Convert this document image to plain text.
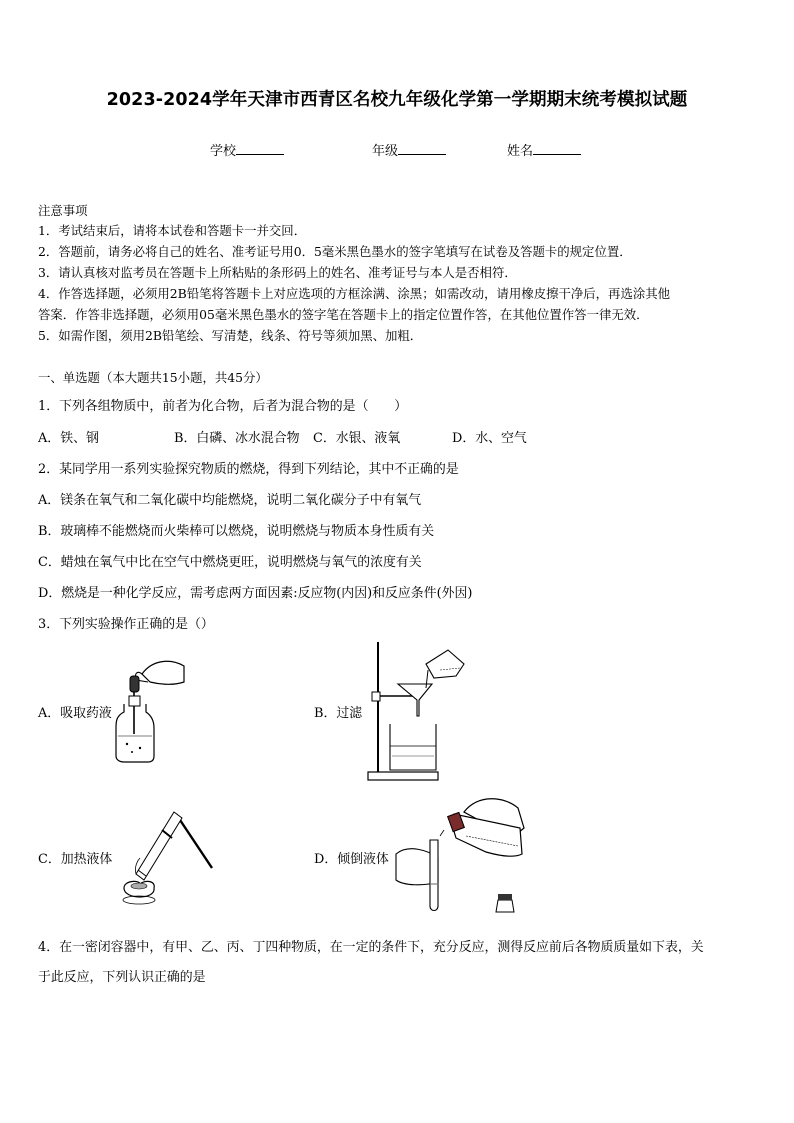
2023-2024学年天津市西青区名校九年级化学第一学期期末统考模拟试题
学校	年级	姓名
注意事项
1．考试结束后，请将本试卷和答题卡一并交回．
2．答题前，请务必将自己的姓名、准考证号用0．5毫米黑色墨水的签字笔填写在试卷及答题卡的规定位置．
3．请认真核对监考员在答题卡上所粘贴的条形码上的姓名、准考证号与本人是否相符．
4．作答选择题，必须用2B铅笔将答题卡上对应选项的方框涂满、涂黑；如需改动，请用橡皮擦干净后，再选涂其他
答案．作答非选择题，必须用05毫米黑色墨水的签字笔在答题卡上的指定位置作答，在其他位置作答一律无效．
5．如需作图，须用2B铅笔绘、写清楚，线条、符号等须加黑、加粗．
一、单选题（本大题共15小题，共45分）
1．下列各组物质中，前者为化合物，后者为混合物的是（　　）
A．铁、钢	B．白磷、冰水混合物 C．水银、液氧	D．水、空气
2．某同学用一系列实验探究物质的燃烧，得到下列结论，其中不正确的是
A．镁条在氧气和二氧化碳中均能燃烧，说明二氧化碳分子中有氧气
B．玻璃棒不能燃烧而火柴棒可以燃烧，说明燃烧与物质本身性质有关
C．蜡烛在氧气中比在空气中燃烧更旺，说明燃烧与氧气的浓度有关
D．燃烧是一种化学反应，需考虑两方面因素:反应物(内因)和反应条件(外因)
3．下列实验操作正确的是（）
A．吸取药液	B．过滤
C．加热液体	D．倾倒液体
4．在一密闭容器中，有甲、乙、丙、丁四种物质，在一定的条件下，充分反应，测得反应前后各物质质量如下表，关
于此反应，下列认识正确的是
